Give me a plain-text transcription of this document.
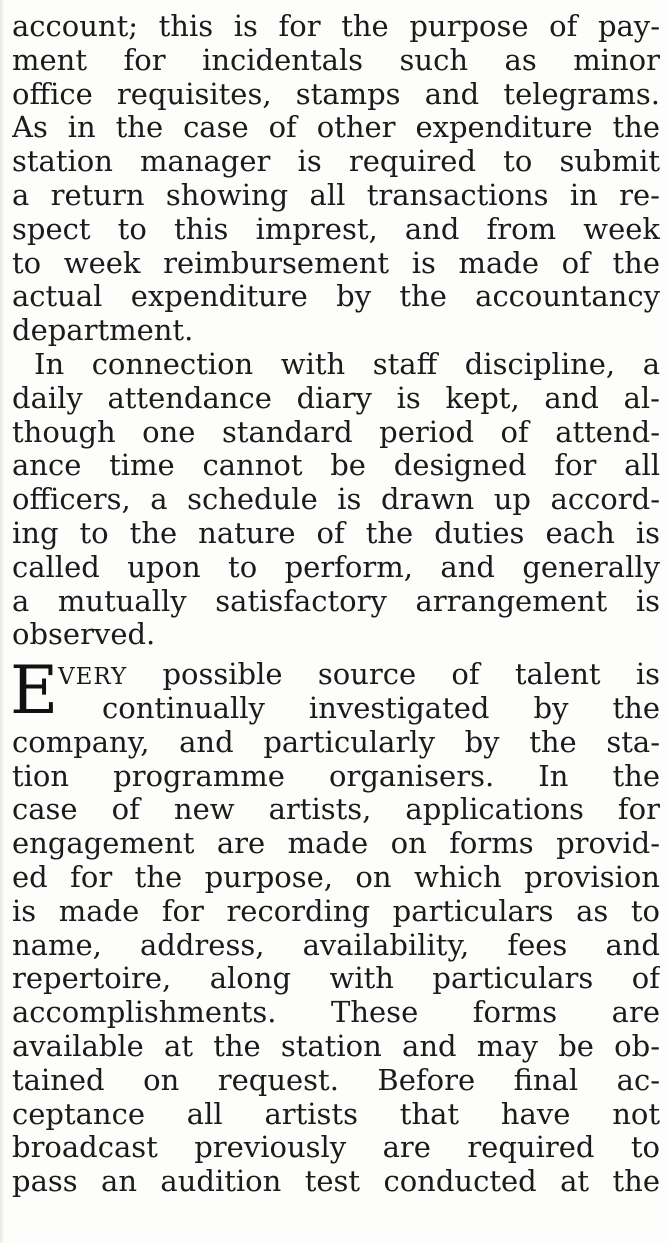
account; this is for the purpose of pay-
ment for incidentals such as minor
office requisites, stamps and telegrams.
As in the case of other expenditure the
station manager is required to submit
a return showing all transactions in re-
spect to this imprest, and from week
to week reimbursement is made of the
actual expenditure by the accountancy
department.
In connection with staff discipline, a
daily attendance diary is kept, and al-
though one standard period of attend-
ance time cannot be designed for all
officers, a schedule is drawn up accord-
ing to the nature of the duties each is
called upon to perform, and generally
a mutually satisfactory arrangement is
observed.
E VERY possible source of talent is
continually investigated by the
company, and particularly by the sta-
tion programme organisers. In the
case of new artists, applications for
engagement are made on forms provid-
ed for the purpose, on which provision
is made for recording particulars as to
name, address, availability, fees and
repertoire, along with particulars of
accomplishments. These forms are
available at the station and may be ob-
tained on request. Before final ac-
ceptance all artists that have not
broadcast previously are required to
pass an audition test conducted at the
